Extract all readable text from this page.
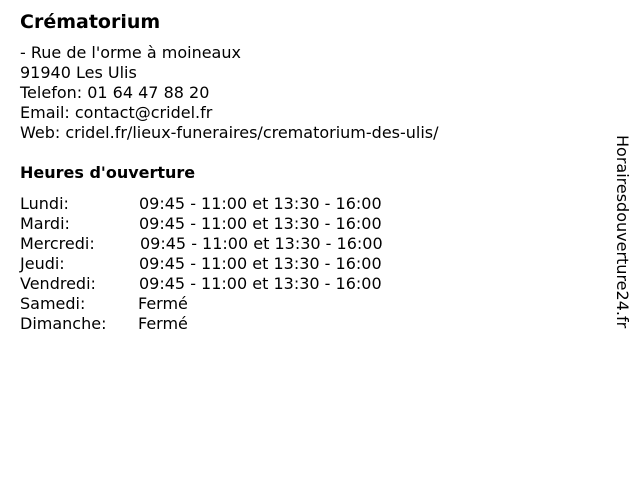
Crématorium
- Rue de l'orme à moineaux
91940 Les Ulis
Telefon: 01 64 47 88 20
Email: contact@cridel.fr
Web: cridel.fr/lieux-funeraires/crematorium-des-ulis/
Heures d'ouverture
Lundi:	09:45 - 11:00 et 13:30 - 16:00
Mardi:	09:45 - 11:00 et 13:30 - 16:00
Mercredi:	09:45 - 11:00 et 13:30 - 16:00
Jeudi:	09:45 - 11:00 et 13:30 - 16:00
Vendredi:	09:45 - 11:00 et 13:30 - 16:00
Samedi:	Fermé
Dimanche: Fermé	Horairesdouverture24.fr
